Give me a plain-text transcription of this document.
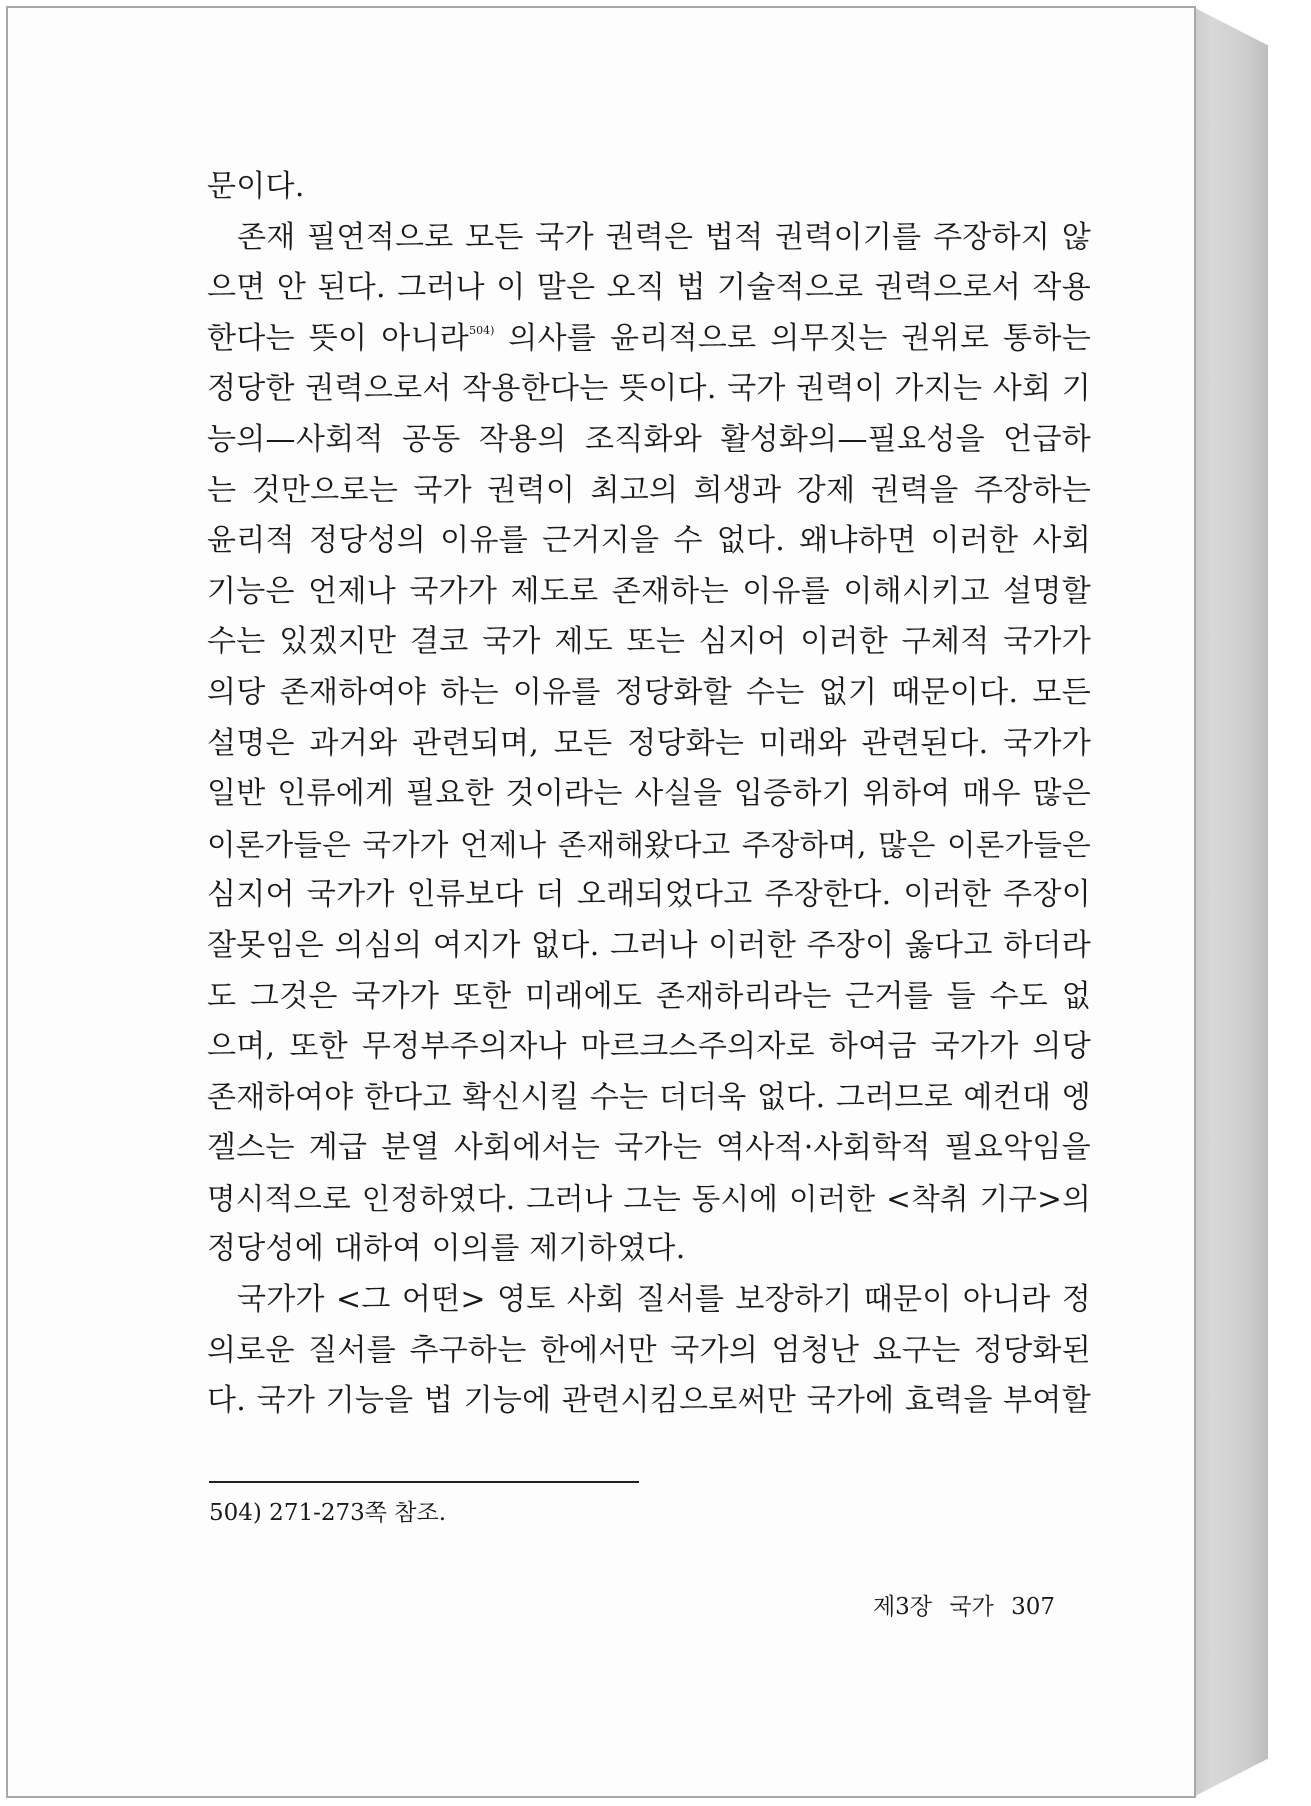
문이다.
존재 필연적으로 모든 국가 권력은 법적 권력이기를 주장하지 않
으면 안 된다. 그러나 이 말은 오직 법 기술적으로 권력으로서 작용
한다는 뜻이 아니라$^{504)}$ 의사를 윤리적으로 의무짓는 권위로 통하는
정당한 권력으로서 작용한다는 뜻이다. 국가 권력이 가지는 사회 기
능의—사회적 공동 작용의 조직화와 활성화의—필요성을 언급하
는 것만으로는 국가 권력이 최고의 희생과 강제 권력을 주장하는
윤리적 정당성의 이유를 근거지을 수 없다. 왜냐하면 이러한 사회
기능은 언제나 국가가 제도로 존재하는 이유를 이해시키고 설명할
수는 있겠지만 결코 국가 제도 또는 심지어 이러한 구체적 국가가
의당 존재하여야 하는 이유를 정당화할 수는 없기 때문이다. 모든
설명은 과거와 관련되며, 모든 정당화는 미래와 관련된다. 국가가
일반 인류에게 필요한 것이라는 사실을 입증하기 위하여 매우 많은
이론가들은 국가가 언제나 존재해왔다고 주장하며, 많은 이론가들은
심지어 국가가 인류보다 더 오래되었다고 주장한다. 이러한 주장이
잘못임은 의심의 여지가 없다. 그러나 이러한 주장이 옳다고 하더라
도 그것은 국가가 또한 미래에도 존재하리라는 근거를 들 수도 없
으며, 또한 무정부주의자나 마르크스주의자로 하여금 국가가 의당
존재하여야 한다고 확신시킬 수는 더더욱 없다. 그러므로 예컨대 엥
겔스는 계급 분열 사회에서는 국가는 역사적·사회학적 필요악임을
명시적으로 인정하였다. 그러나 그는 동시에 이러한 <착취 기구>의
정당성에 대하여 이의를 제기하였다.
국가가 <그 어떤> 영토 사회 질서를 보장하기 때문이 아니라 정
의로운 질서를 추구하는 한에서만 국가의 엄청난 요구는 정당화된
다. 국가 기능을 법 기능에 관련시킴으로써만 국가에 효력을 부여할
504) 271-273쪽 참조.
제3장 국가 307
